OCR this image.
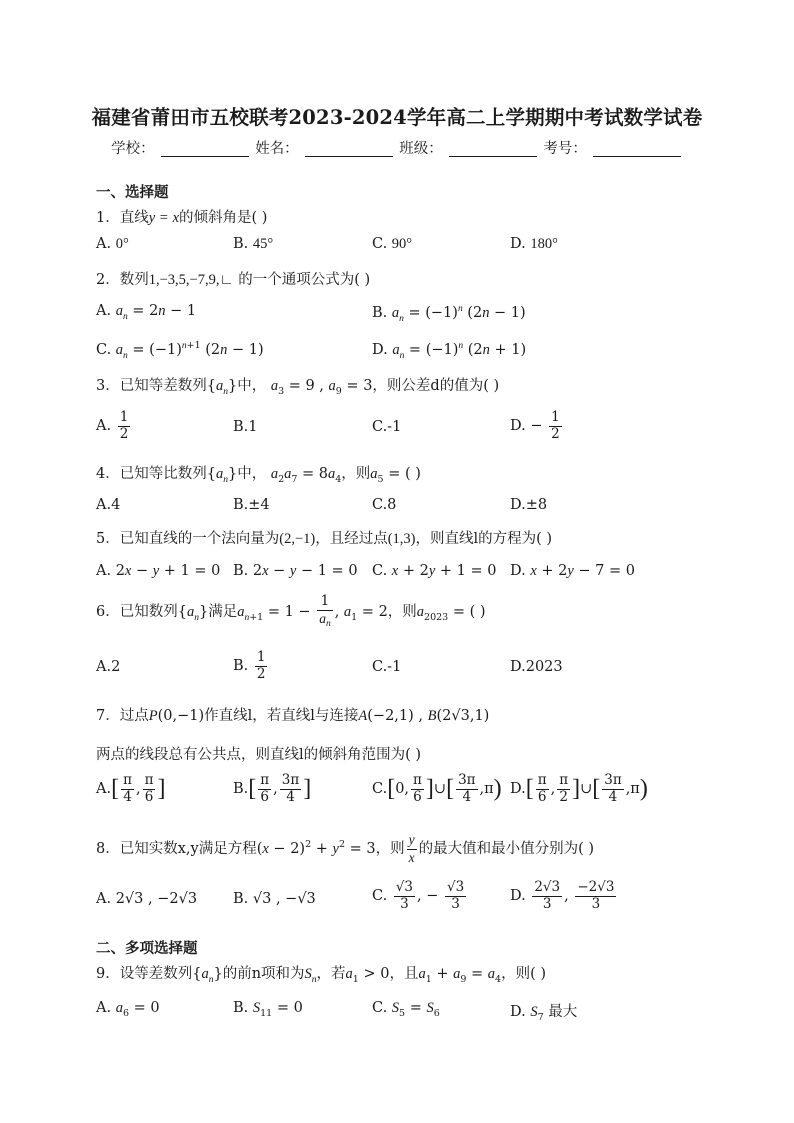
福建省莆田市五校联考2023-2024学年高二上学期期中考试数学试卷
学校：	姓名：	班级：	考号：
一、选择题
1．直线y = x的倾斜角是( )
A. 0°	B. 45°	C. 90°	D. 180°
2．数列1,−3,5,−7,9,∟ 的一个通项公式为( )
A. $a_n = 2n - 1$	B. $a_n = (-1)^n$ (2n − 1)
C. $a_n = (-1)^{n+1}$ (2n − 1)	D. $a_n = (-1)^n$ (2n + 1)
3．已知等差数列$\{a_n\}$中， $a_3 = 9$ , $a_9 = 3$，则公差d的值为( )
A. $\frac{1}{2}$	B.1	C.-1	D. − $\frac{1}{2}$
4．已知等比数列$\{a_n\}$中， $a_2a_7 = 8a_4$，则$a_5$ = ( )
A.4	B.±4	C.8	D.±8
5．已知直线的一个法向量为(2,−1)，且经过点(1,3)，则直线l的方程为( )
A. 2x − y + 1 = 0 B. 2x − y − 1 = 0 C. x + 2y + 1 = 0 D. x + 2y − 7 = 0
6．已知数列$\{a_n\}$满足$a_{n+1} = 1 - \frac{1}{a_n}$ , $a_1 = 2$，则$a_{2023}$ = ( )
A.2	B. $\frac{1}{2}$	C.-1	D.2023
7．过点P(0,−1)作直线l，若直线l与连接A(−2,1) , B(2√3,1)
两点的线段总有公共点，则直线l的倾斜角范围为( )
$A.[ \frac{\pi}{4}$ , $\frac{\pi}{6}$ ]	$B.[ \frac{\pi}{6}$ , $\frac{3\pi}{4}$ ]	C.[0, $\frac{\pi}{6}$ ]∪[ $\frac{3\pi}{4} ,\pi$) $D.[ \frac{\pi}{6}$ , $\frac{\pi}{2}$ ]∪[ $\frac{3\pi}{4} ,\pi$)
8．已知实数x,y满足方程$(x - 2)^2 + y^2 = 3$，则 $\frac{y}{x}$ 的最大值和最小值分别为( )
A. 2√3 , −2√3 B. √3 , −√3	C. $\frac{√3}{3}$ , − $\frac{√3}{3}$	D. $\frac{2√3}{3}$ , $\frac{-2√3}{3}$
二、多项选择题
9．设等差数列$\{a_n\}$的前n项和为$S_n$，若$a_1 > 0$，且$a_1 + a_9 = a_4$，则( )
A. $a_6 = 0$	B. $S_{11} = 0$	C. $S_5 = S_6$	D. $S_7$ 最大
